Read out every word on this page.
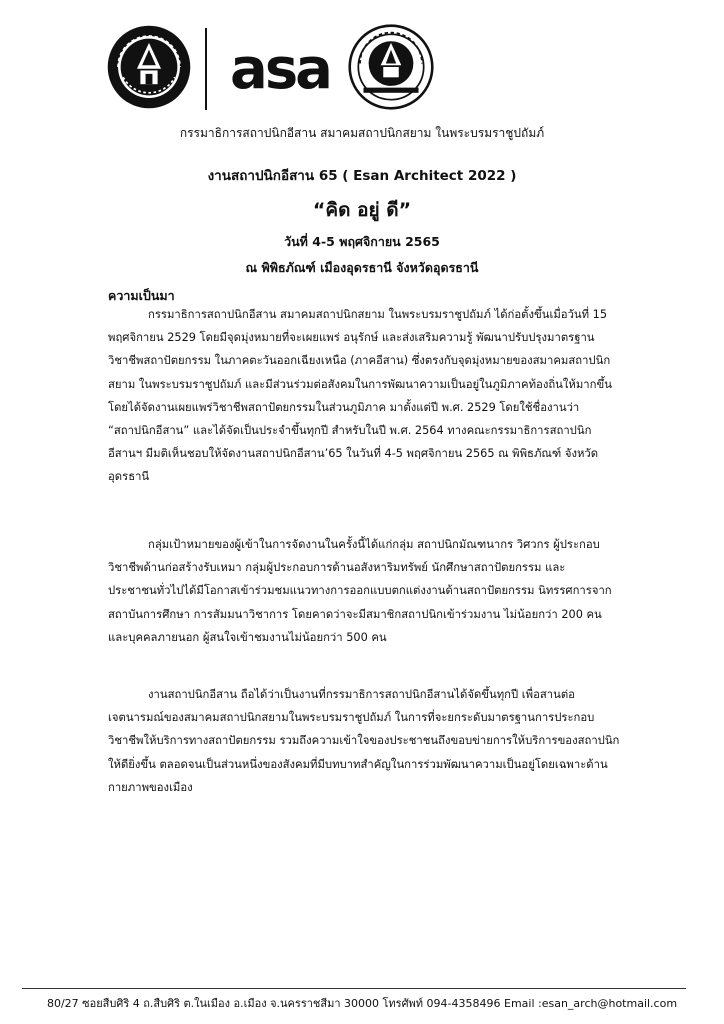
asa
กรรมาธิการสถาปนิกอีสาน สมาคมสถาปนิกสยาม ในพระบรมราชูปถัมภ์
งานสถาปนิกอีสาน 65 ( Esan Architect 2022 )
“คิด อยู่ ดี”
วันที่ 4-5 พฤศจิกายน 2565
ณ พิพิธภัณฑ์ เมืองอุดรธานี จังหวัดอุดรธานี
ความเป็นมา
กรรมาธิการสถาปนิกอีสาน สมาคมสถาปนิกสยาม ในพระบรมราชูปถัมภ์ ได้ก่อตั้งขึ้นเมื่อวันที่ 15
พฤศจิกายน 2529 โดยมีจุดมุ่งหมายที่จะเผยแพร่ อนุรักษ์ และส่งเสริมความรู้ พัฒนาปรับปรุงมาตรฐาน
วิชาชีพสถาปัตยกรรม ในภาคตะวันออกเฉียงเหนือ (ภาคอีสาน) ซึ่งตรงกับจุดมุ่งหมายของสมาคมสถาปนิก
สยาม ในพระบรมราชูปถัมภ์ และมีส่วนร่วมต่อสังคมในการพัฒนาความเป็นอยู่ในภูมิภาคท้องถิ่นให้มากขึ้น
โดยได้จัดงานเผยแพร่วิชาชีพสถาปัตยกรรมในส่วนภูมิภาค มาตั้งแต่ปี พ.ศ. 2529 โดยใช้ชื่องานว่า
“สถาปนิกอีสาน” และได้จัดเป็นประจำขึ้นทุกปี สำหรับในปี พ.ศ. 2564 ทางคณะกรรมาธิการสถาปนิก
อีสานฯ มีมติเห็นชอบให้จัดงานสถาปนิกอีสาน’65 ในวันที่ 4-5 พฤศจิกายน 2565 ณ พิพิธภัณฑ์ จังหวัด
อุดรธานี
กลุ่มเป้าหมายของผู้เข้าในการจัดงานในครั้งนี้ได้แก่กลุ่ม สถาปนิกมัณฑนากร วิศวกร ผู้ประกอบ
วิชาชีพด้านก่อสร้างรับเหมา กลุ่มผู้ประกอบการด้านอสังหาริมทรัพย์ นักศึกษาสถาปัตยกรรม และ
ประชาชนทั่วไปได้มีโอกาสเข้าร่วมชมแนวทางการออกแบบตกแต่งงานด้านสถาปัตยกรรม นิทรรศการจาก
สถาบันการศึกษา การสัมมนาวิชาการ โดยคาดว่าจะมีสมาชิกสถาปนิกเข้าร่วมงาน ไม่น้อยกว่า 200 คน
และบุคคลภายนอก ผู้สนใจเข้าชมงานไม่น้อยกว่า 500 คน
งานสถาปนิกอีสาน ถือได้ว่าเป็นงานที่กรรมาธิการสถาปนิกอีสานได้จัดขึ้นทุกปี เพื่อสานต่อ
เจตนารมณ์ของสมาคมสถาปนิกสยามในพระบรมราชูปถัมภ์ ในการที่จะยกระดับมาตรฐานการประกอบ
วิชาชีพให้บริการทางสถาปัตยกรรม รวมถึงความเข้าใจของประชาชนถึงขอบข่ายการให้บริการของสถาปนิก
ให้ดียิ่งขึ้น ตลอดจนเป็นส่วนหนึ่งของสังคมที่มีบทบาทสำคัญในการร่วมพัฒนาความเป็นอยู่โดยเฉพาะด้าน
กายภาพของเมือง
80/27 ซอยสืบศิริ 4 ถ.สืบศิริ ต.ในเมือง อ.เมือง จ.นครราชสีมา 30000 โทรศัพท์ 094-4358496 Email :esan_arch@hotmail.com
